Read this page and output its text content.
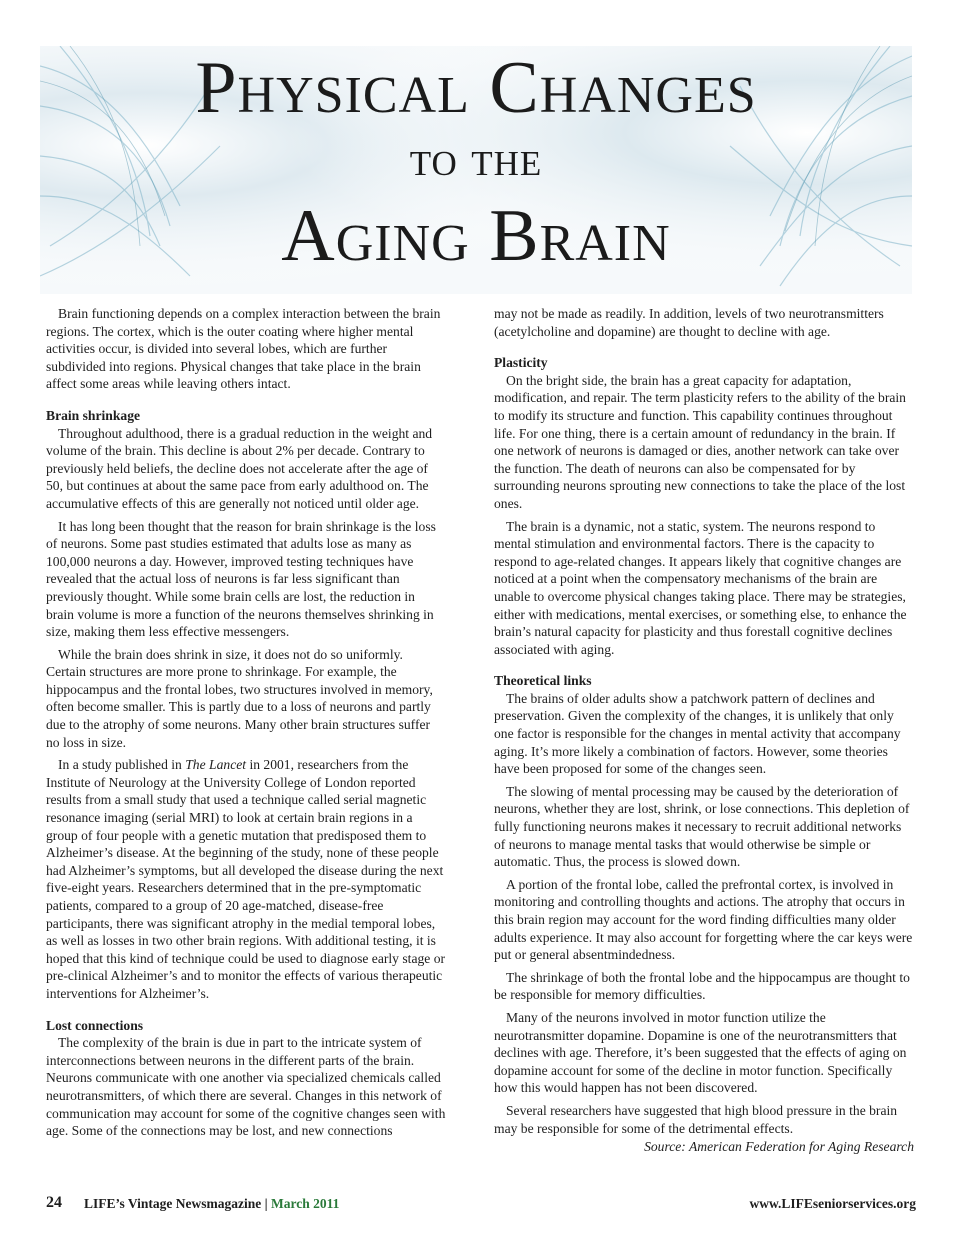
Physical Changes
to the
Aging Brain

Brain functioning depends on a complex interaction between the brain regions. The cortex, which is the outer coating where higher mental activities occur, is divided into several lobes, which are further subdivided into regions. Physical changes that take place in the brain affect some areas while leaving others intact.

Brain shrinkage

Throughout adulthood, there is a gradual reduction in the weight and volume of the brain. This decline is about 2% per decade. Contrary to previously held beliefs, the decline does not accelerate after the age of 50, but continues at about the same pace from early adulthood on. The accumulative effects of this are generally not noticed until older age.

It has long been thought that the reason for brain shrinkage is the loss of neurons. Some past studies estimated that adults lose as many as 100,000 neurons a day. However, improved testing techniques have revealed that the actual loss of neurons is far less significant than previously thought. While some brain cells are lost, the reduction in brain volume is more a function of the neurons themselves shrinking in size, making them less effective messengers.

While the brain does shrink in size, it does not do so uniformly. Certain structures are more prone to shrinkage. For example, the hippocampus and the frontal lobes, two structures involved in memory, often become smaller. This is partly due to a loss of neurons and partly due to the atrophy of some neurons. Many other brain structures suffer no loss in size.

In a study published in The Lancet in 2001, researchers from the Institute of Neurology at the University College of London reported results from a small study that used a technique called serial magnetic resonance imaging (serial MRI) to look at certain brain regions in a group of four people with a genetic mutation that predisposed them to Alzheimer’s disease. At the beginning of the study, none of these people had Alzheimer’s symptoms, but all developed the disease during the next five-eight years. Researchers determined that in the pre-symptomatic patients, compared to a group of 20 age-matched, disease-free participants, there was significant atrophy in the medial temporal lobes, as well as losses in two other brain regions. With additional testing, it is hoped that this kind of technique could be used to diagnose early stage or pre-clinical Alzheimer’s and to monitor the effects of various therapeutic interventions for Alzheimer’s.

Lost connections

The complexity of the brain is due in part to the intricate system of interconnections between neurons in the different parts of the brain. Neurons communicate with one another via specialized chemicals called neurotransmitters, of which there are several. Changes in this network of communication may account for some of the cognitive changes seen with age. Some of the connections may be lost, and new connections

may not be made as readily. In addition, levels of two neurotransmitters (acetylcholine and dopamine) are thought to decline with age.

Plasticity

On the bright side, the brain has a great capacity for adaptation, modification, and repair. The term plasticity refers to the ability of the brain to modify its structure and function. This capability continues throughout life. For one thing, there is a certain amount of redundancy in the brain. If one network of neurons is damaged or dies, another network can take over the function. The death of neurons can also be compensated for by surrounding neurons sprouting new connections to take the place of the lost ones.

The brain is a dynamic, not a static, system. The neurons respond to mental stimulation and environmental factors. There is the capacity to respond to age-related changes. It appears likely that cognitive changes are noticed at a point when the compensatory mechanisms of the brain are unable to overcome physical changes taking place. There may be strategies, either with medications, mental exercises, or something else, to enhance the brain’s natural capacity for plasticity and thus forestall cognitive declines associated with aging.

Theoretical links

The brains of older adults show a patchwork pattern of declines and preservation. Given the complexity of the changes, it is unlikely that only one factor is responsible for the changes in mental activity that accompany aging. It’s more likely a combination of factors. However, some theories have been proposed for some of the changes seen.

The slowing of mental processing may be caused by the deterioration of neurons, whether they are lost, shrink, or lose connections. This depletion of fully functioning neurons makes it necessary to recruit additional networks of neurons to manage mental tasks that would otherwise be simple or automatic. Thus, the process is slowed down.

A portion of the frontal lobe, called the prefrontal cortex, is involved in monitoring and controlling thoughts and actions. The atrophy that occurs in this brain region may account for the word finding difficulties many older adults experience. It may also account for forgetting where the car keys were put or general absentmindedness.

The shrinkage of both the frontal lobe and the hippocampus are thought to be responsible for memory difficulties.

Many of the neurons involved in motor function utilize the neurotransmitter dopamine. Dopamine is one of the neurotransmitters that declines with age. Therefore, it’s been suggested that the effects of aging on dopamine account for some of the decline in motor function. Specifically how this would happen has not been discovered.

Several researchers have suggested that high blood pressure in the brain may be responsible for some of the detrimental effects.

Source: American Federation for Aging Research
24 LIFE’s Vintage Newsmagazine | March 2011	www.LIFEseniorservices.org
